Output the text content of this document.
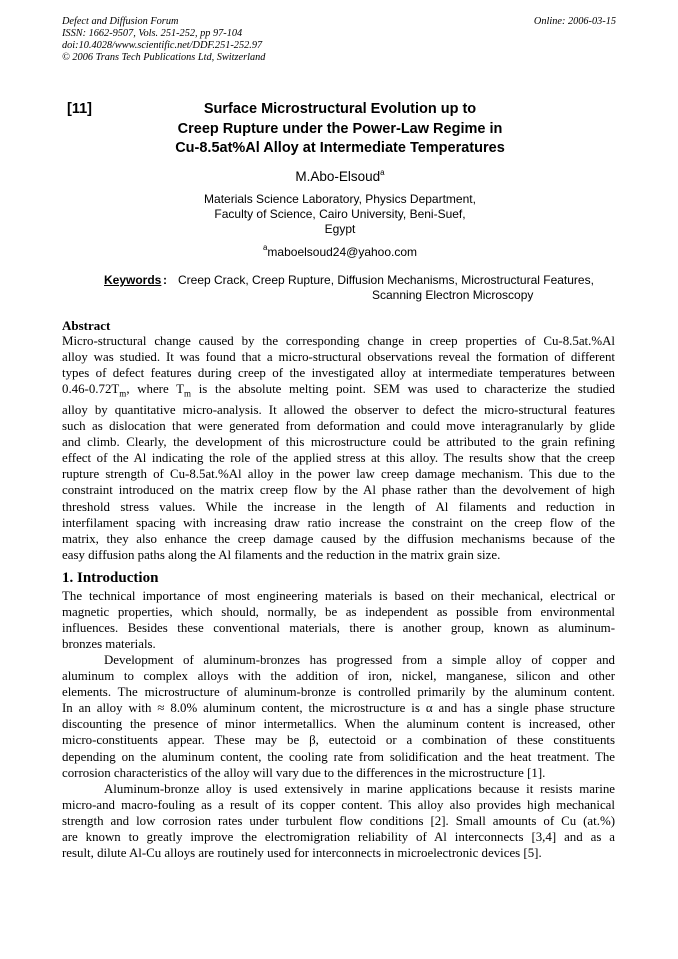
Defect and Diffusion Forum
ISSN: 1662-9507, Vols. 251-252, pp 97-104
doi:10.4028/www.scientific.net/DDF.251-252.97
© 2006 Trans Tech Publications Ltd, Switzerland
Online: 2006-03-15
[11]	Surface Microstructural Evolution up to
Creep Rupture under the Power-Law Regime in
Cu-8.5at%Al Alloy at Intermediate Temperatures
M.Abo-Elsoud$^a$
Materials Science Laboratory, Physics Department,
Faculty of Science, Cairo University, Beni-Suef,
Egypt
$^a$maboelsoud24@yahoo.com
Keywords : Creep Crack, Creep Rupture, Diffusion Mechanisms, Microstructural Features,
Scanning Electron Microscopy
Abstract
Micro-structural change caused by the corresponding change in creep properties of Cu-8.5at.%Al
alloy was studied. It was found that a micro-structural observations reveal the formation of different
types of defect features during creep of the investigated alloy at intermediate temperatures between
$0.46-0.72T_m$, where $T_m$ is the absolute melting point. SEM was used to characterize the studied
alloy by quantitative micro-analysis. It allowed the observer to defect the micro-structural features
such as dislocation that were generated from deformation and could move interagranularly by glide
and climb. Clearly, the development of this microstructure could be attributed to the grain refining
effect of the Al indicating the role of the applied stress at this alloy. The results show that the creep
rupture strength of Cu-8.5at.%Al alloy in the power law creep damage mechanism. This due to the
constraint introduced on the matrix creep flow by the Al phase rather than the devolvement of high
threshold stress values. While the increase in the length of Al filaments and reduction in
interfilament spacing with increasing draw ratio increase the constraint on the creep flow of the
matrix, they also enhance the creep damage caused by the diffusion mechanisms because of the
easy diffusion paths along the Al filaments and the reduction in the matrix grain size.
1. Introduction
The technical importance of most engineering materials is based on their mechanical, electrical or
magnetic properties, which should, normally, be as independent as possible from environmental
influences. Besides these conventional materials, there is another group, known as aluminum-
bronzes materials.
Development of aluminum-bronzes has progressed from a simple alloy of copper and
aluminum to complex alloys with the addition of iron, nickel, manganese, silicon and other
elements. The microstructure of aluminum-bronze is controlled primarily by the aluminum content.
In an alloy with ≈ 8.0% aluminum content, the microstructure is α and has a single phase structure
discounting the presence of minor intermetallics. When the aluminum content is increased, other
micro-constituents appear. These may be β, eutectoid or a combination of these constituents
depending on the aluminum content, the cooling rate from solidification and the heat treatment. The
corrosion characteristics of the alloy will vary due to the differences in the microstructure [1].
Aluminum-bronze alloy is used extensively in marine applications because it resists marine
micro-and macro-fouling as a result of its copper content. This alloy also provides high mechanical
strength and low corrosion rates under turbulent flow conditions [2]. Small amounts of Cu (at.%)
are known to greatly improve the electromigration reliability of Al interconnects [3,4] and as a
result, dilute Al-Cu alloys are routinely used for interconnects in microelectronic devices [5].
